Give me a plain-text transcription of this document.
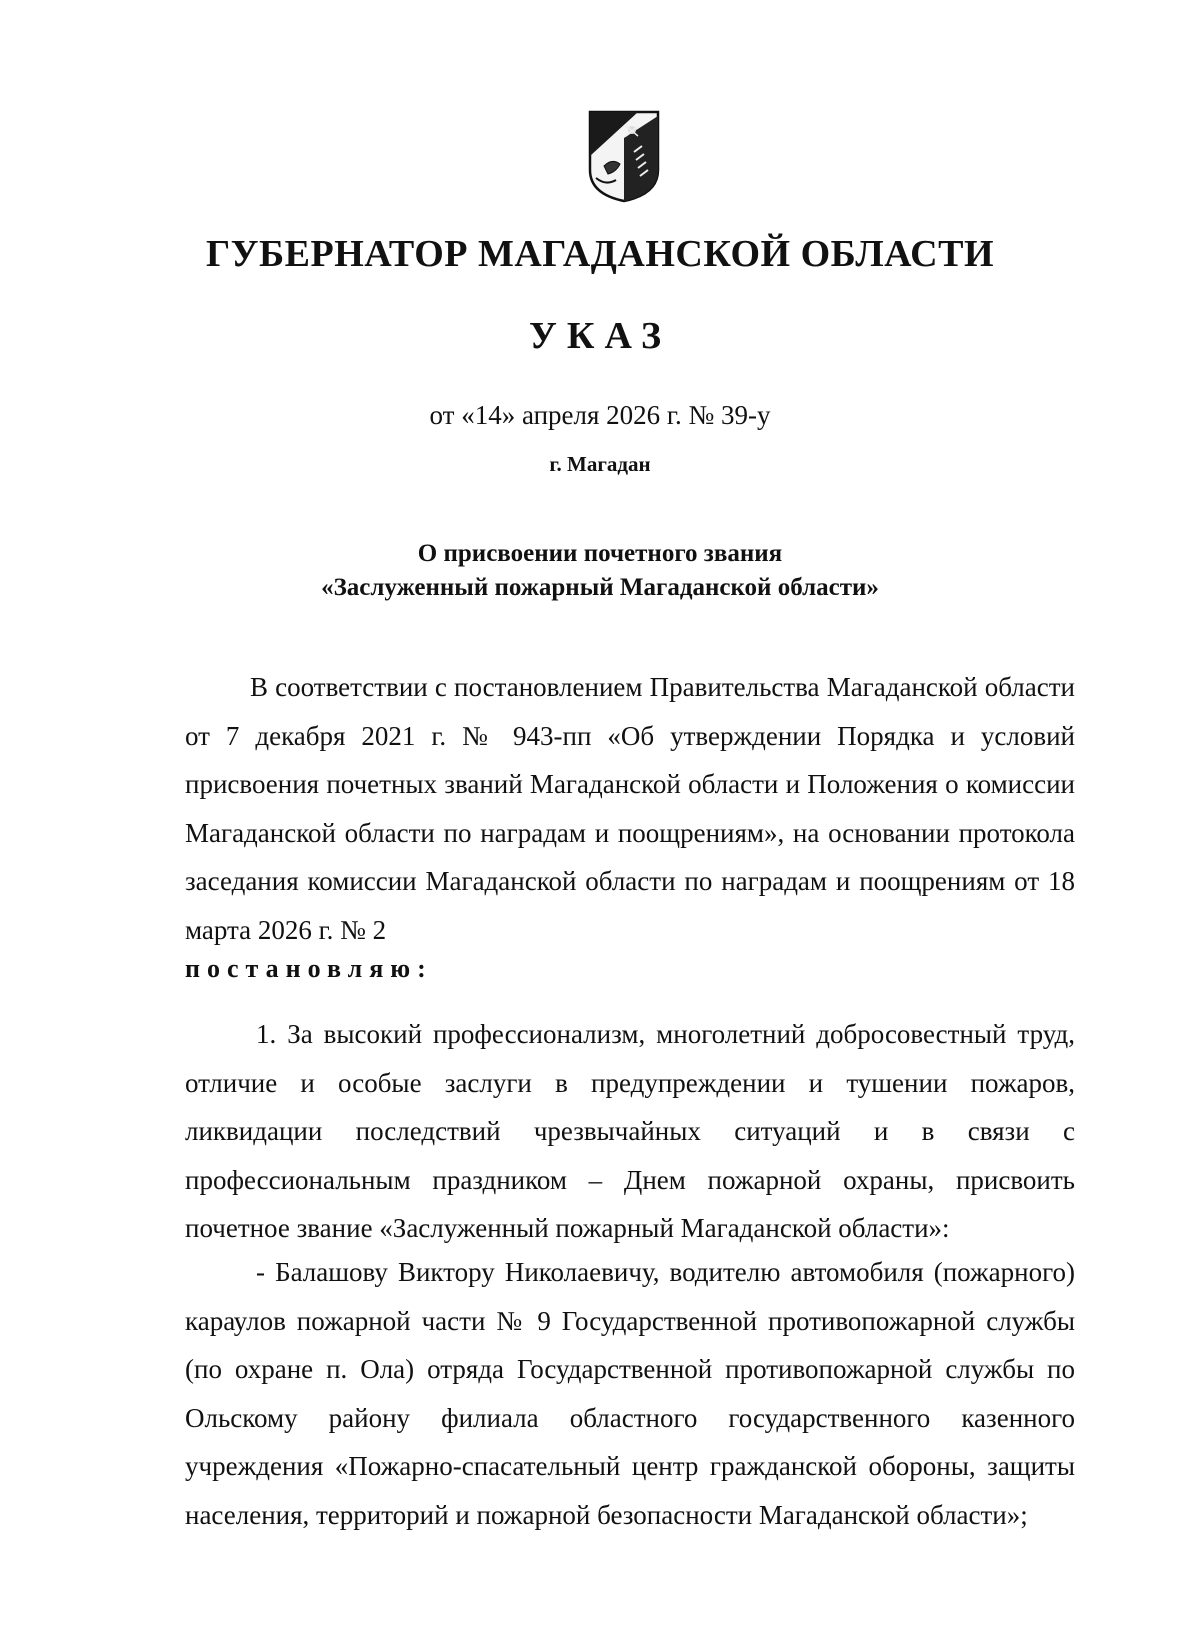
ГУБЕРНАТОР МАГАДАНСКОЙ ОБЛАСТИ
УКАЗ
от «14» апреля 2026 г. № 39-у
г. Магадан
О присвоении почетного звания
«Заслуженный пожарный Магаданской области»
В соответствии с постановлением Правительства Магаданской области от 7 декабря 2021 г. № 943-пп «Об утверждении Порядка и условий присвоения почетных званий Магаданской области и Положения о комиссии Магаданской области по наградам и поощрениям», на основании протокола заседания комиссии Магаданской области по наградам и поощрениям от 18 марта 2026 г. № 2
постановляю:
1. За высокий профессионализм, многолетний добросовестный труд, отличие и особые заслуги в предупреждении и тушении пожаров, ликвидации последствий чрезвычайных ситуаций и в связи с профессиональным праздником – Днем пожарной охраны, присвоить почетное звание «Заслуженный пожарный Магаданской области»:
- Балашову Виктору Николаевичу, водителю автомобиля (пожарного) караулов пожарной части № 9 Государственной противопожарной службы (по охране п. Ола) отряда Государственной противопожарной службы по Ольскому району филиала областного государственного казенного учреждения «Пожарно-спасательный центр гражданской обороны, защиты населения, территорий и пожарной безопасности Магаданской области»;
